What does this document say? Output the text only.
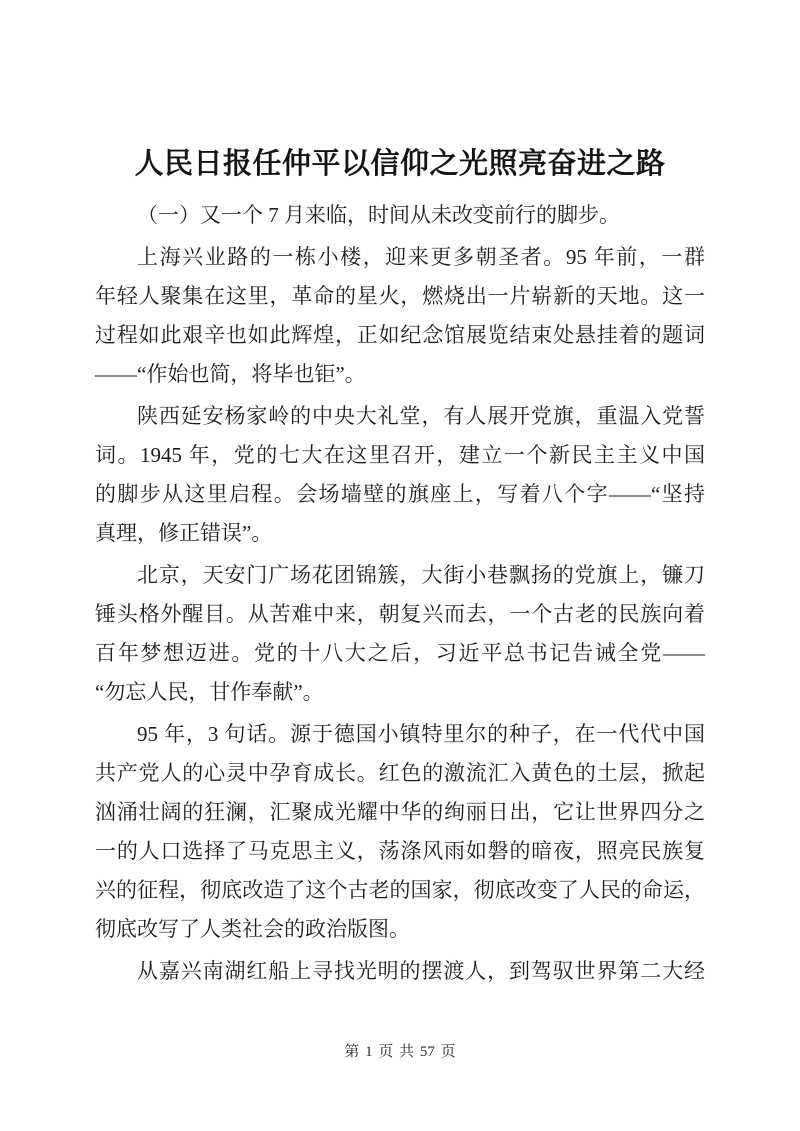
人民日报任仲平以信仰之光照亮奋进之路
（一）又一个 7 月来临，时间从未改变前行的脚步。
上海兴业路的一栋小楼，迎来更多朝圣者。95 年前，一群
年轻人聚集在这里，革命的星火，燃烧出一片崭新的天地。这一
过程如此艰辛也如此辉煌，正如纪念馆展览结束处悬挂着的题词
——“作始也简，将毕也钜”。
陕西延安杨家岭的中央大礼堂，有人展开党旗，重温入党誓
词。1945 年，党的七大在这里召开，建立一个新民主主义中国
的脚步从这里启程。会场墙壁的旗座上，写着八个字——“坚持
真理，修正错误”。
北京，天安门广场花团锦簇，大街小巷飘扬的党旗上，镰刀
锤头格外醒目。从苦难中来，朝复兴而去，一个古老的民族向着
百年梦想迈进。党的十八大之后，习近平总书记告诫全党——
“勿忘人民，甘作奉献”。
95 年，3 句话。源于德国小镇特里尔的种子，在一代代中国
共产党人的心灵中孕育成长。红色的激流汇入黄色的土层，掀起
汹涌壮阔的狂澜，汇聚成光耀中华的绚丽日出，它让世界四分之
一的人口选择了马克思主义，荡涤风雨如磐的暗夜，照亮民族复
兴的征程，彻底改造了这个古老的国家，彻底改变了人民的命运，
彻底改写了人类社会的政治版图。
从嘉兴南湖红船上寻找光明的摆渡人，到驾驭世界第二大经
第 1 页 共 57 页
